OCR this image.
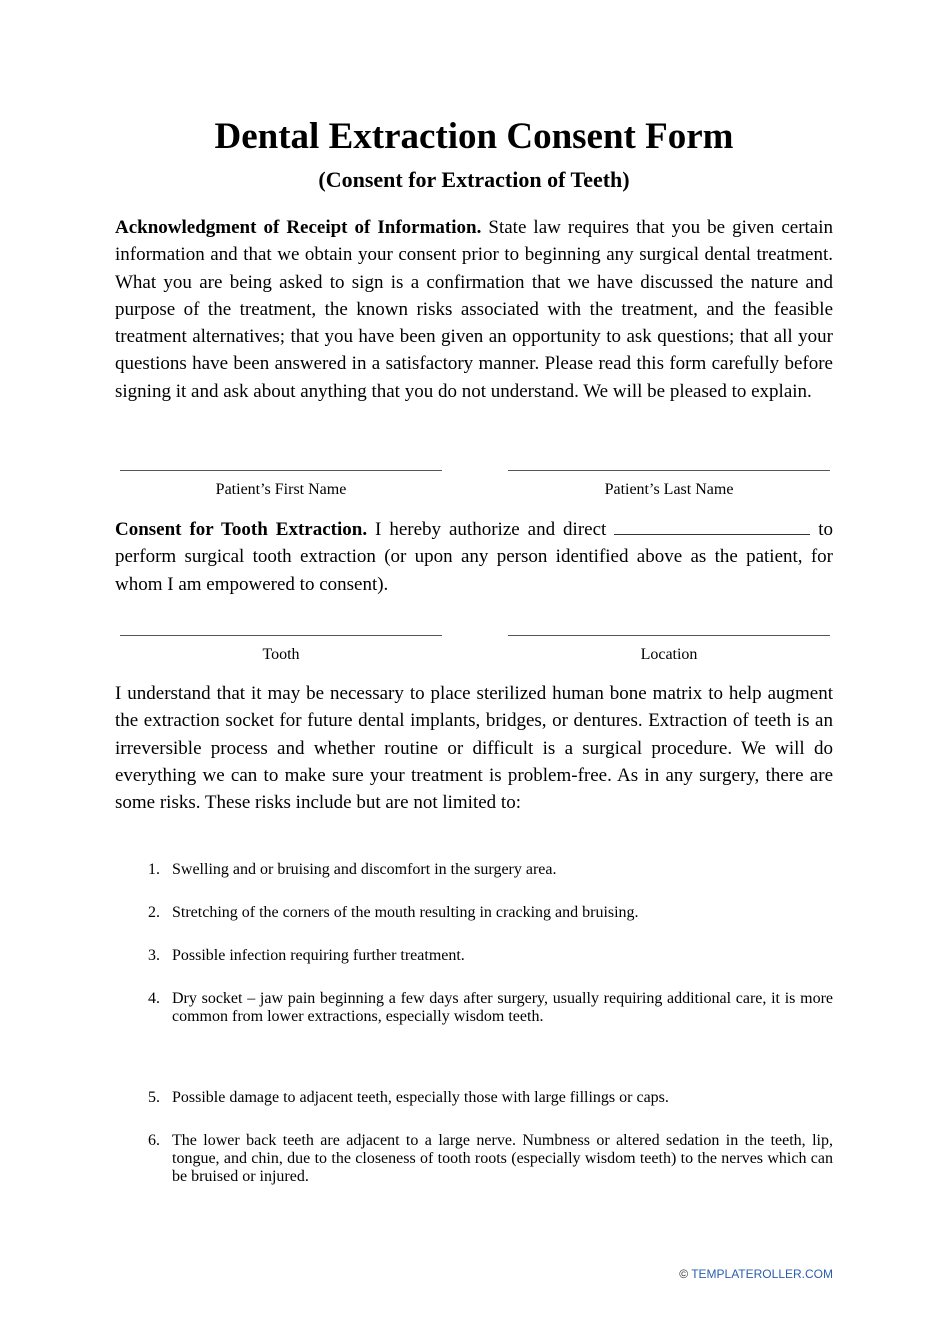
Dental Extraction Consent Form
(Consent for Extraction of Teeth)
Acknowledgment of Receipt of Information. State law requires that you be given certain information and that we obtain your consent prior to beginning any surgical dental treatment. What you are being asked to sign is a confirmation that we have discussed the nature and purpose of the treatment, the known risks associated with the treatment, and the feasible treatment alternatives; that you have been given an opportunity to ask questions; that all your questions have been answered in a satisfactory manner. Please read this form carefully before signing it and ask about anything that you do not understand. We will be pleased to explain.
Patient’s First Name	Patient’s Last Name
Consent for Tooth Extraction. I hereby authorize and direct	to perform surgical tooth extraction (or upon any person identified above as the patient, for whom I am empowered to consent).
Tooth	Location
I understand that it may be necessary to place sterilized human bone matrix to help augment the extraction socket for future dental implants, bridges, or dentures. Extraction of teeth is an irreversible process and whether routine or difficult is a surgical procedure. We will do everything we can to make sure your treatment is problem-free. As in any surgery, there are some risks. These risks include but are not limited to:
1. Swelling and or bruising and discomfort in the surgery area.
2. Stretching of the corners of the mouth resulting in cracking and bruising.
3. Possible infection requiring further treatment.
4. Dry socket – jaw pain beginning a few days after surgery, usually requiring additional care, it is more common from lower extractions, especially wisdom teeth.
5. Possible damage to adjacent teeth, especially those with large fillings or caps.
6. The lower back teeth are adjacent to a large nerve. Numbness or altered sedation in the teeth, lip, tongue, and chin, due to the closeness of tooth roots (especially wisdom teeth) to the nerves which can be bruised or injured.
© TEMPLATEROLLER.COM
